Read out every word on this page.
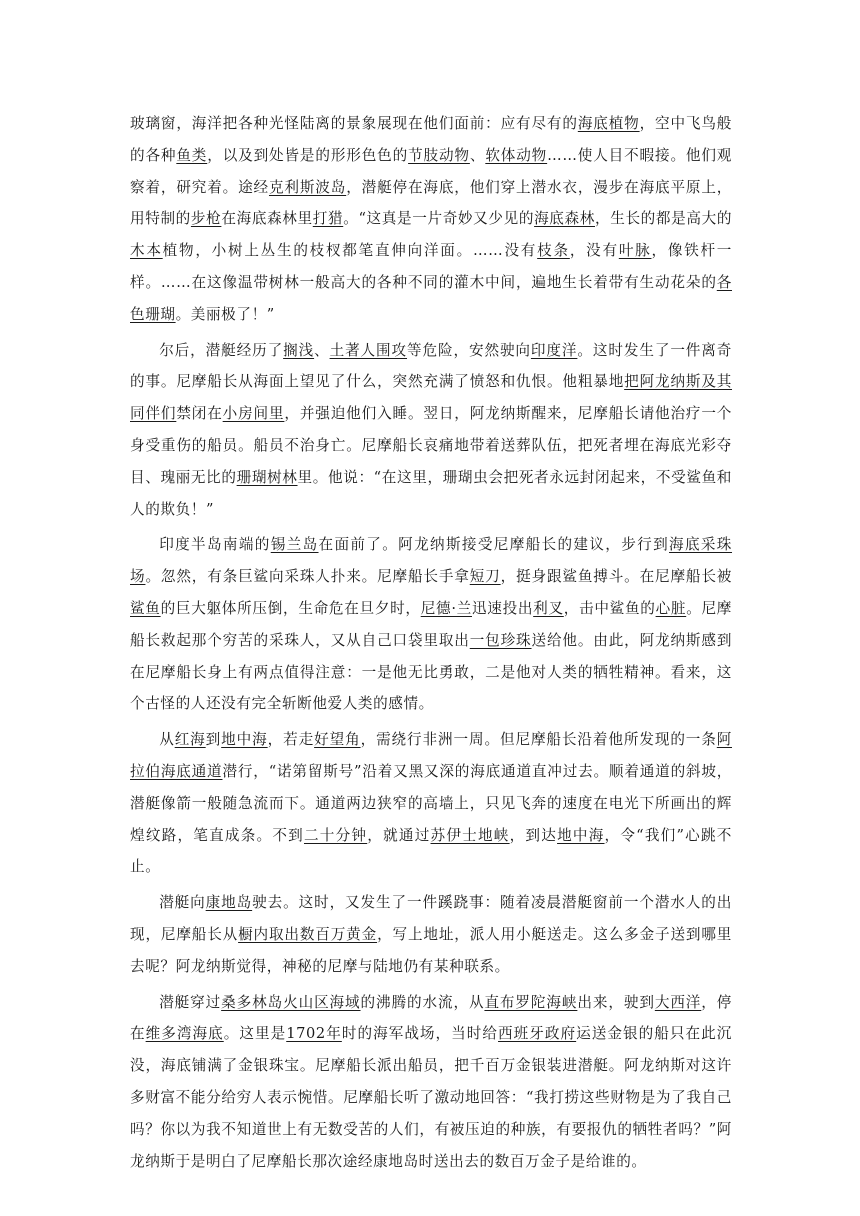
玻璃窗，海洋把各种光怪陆离的景象展现在他们面前：应有尽有的海底植物，空中飞鸟般的各种鱼类，以及到处皆是的形形色色的节肢动物、软体动物……使人目不暇接。他们观察着，研究着。途经克利斯波岛，潜艇停在海底，他们穿上潜水衣，漫步在海底平原上，用特制的步枪在海底森林里打猎。“这真是一片奇妙又少见的海底森林，生长的都是高大的木本植物，小树上丛生的枝杈都笔直伸向洋面。……没有枝条，没有叶脉，像铁杆一样。……在这像温带树林一般高大的各种不同的灌木中间，遍地生长着带有生动花朵的各色珊瑚。美丽极了！”

尔后，潜艇经历了搁浅、土著人围攻等危险，安然驶向印度洋。这时发生了一件离奇的事。尼摩船长从海面上望见了什么，突然充满了愤怒和仇恨。他粗暴地把阿龙纳斯及其同伴们禁闭在小房间里，并强迫他们入睡。翌日，阿龙纳斯醒来，尼摩船长请他治疗一个身受重伤的船员。船员不治身亡。尼摩船长哀痛地带着送葬队伍，把死者埋在海底光彩夺目、瑰丽无比的珊瑚树林里。他说：“在这里，珊瑚虫会把死者永远封闭起来，不受鲨鱼和人的欺负！”

印度半岛南端的锡兰岛在面前了。阿龙纳斯接受尼摩船长的建议，步行到海底采珠场。忽然，有条巨鲨向采珠人扑来。尼摩船长手拿短刀，挺身跟鲨鱼搏斗。在尼摩船长被鲨鱼的巨大躯体所压倒，生命危在旦夕时，尼德·兰迅速投出利叉，击中鲨鱼的心脏。尼摩船长救起那个穷苦的采珠人，又从自己口袋里取出一包珍珠送给他。由此，阿龙纳斯感到在尼摩船长身上有两点值得注意：一是他无比勇敢，二是他对人类的牺牲精神。看来，这个古怪的人还没有完全斩断他爱人类的感情。

从红海到地中海，若走好望角，需绕行非洲一周。但尼摩船长沿着他所发现的一条阿拉伯海底通道潜行，“诺第留斯号”沿着又黑又深的海底通道直冲过去。顺着通道的斜坡，潜艇像箭一般随急流而下。通道两边狭窄的高墙上，只见飞奔的速度在电光下所画出的辉煌纹路，笔直成条。不到二十分钟，就通过苏伊士地峡，到达地中海，令“我们”心跳不止。

潜艇向康地岛驶去。这时，又发生了一件蹊跷事：随着凌晨潜艇窗前一个潜水人的出现，尼摩船长从橱内取出数百万黄金，写上地址，派人用小艇送走。这么多金子送到哪里去呢？阿龙纳斯觉得，神秘的尼摩与陆地仍有某种联系。

潜艇穿过桑多林岛火山区海域的沸腾的水流，从直布罗陀海峡出来，驶到大西洋，停在维多湾海底。这里是1702年时的海军战场，当时给西班牙政府运送金银的船只在此沉没，海底铺满了金银珠宝。尼摩船长派出船员，把千百万金银装进潜艇。阿龙纳斯对这许多财富不能分给穷人表示惋惜。尼摩船长听了激动地回答：“我打捞这些财物是为了我自己吗？你以为我不知道世上有无数受苦的人们，有被压迫的种族，有要报仇的牺牲者吗？”阿龙纳斯于是明白了尼摩船长那次途经康地岛时送出去的数百万金子是给谁的。
